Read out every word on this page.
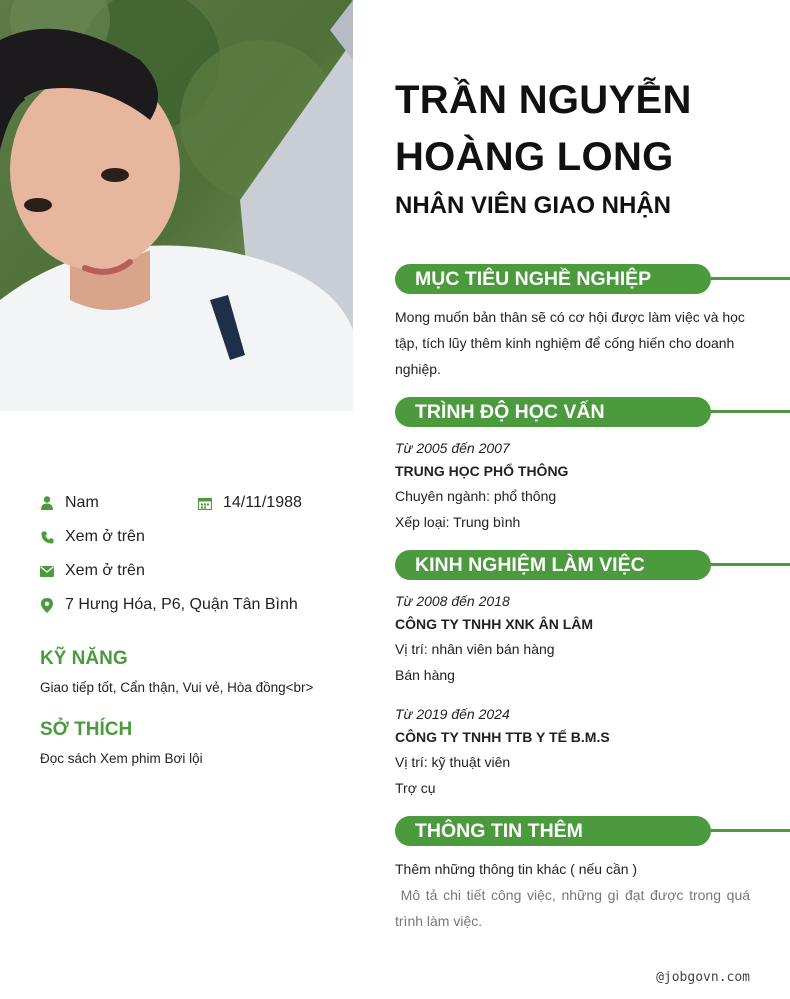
Nam	14/11/1988
Xem ở trên
Xem ở trên
7 Hưng Hóa, P6, Quận Tân Bình
KỸ NĂNG
Giao tiếp tốt, Cẩn thận, Vui vẻ, Hòa đồng<br>
SỞ THÍCH
Đọc sách Xem phim Bơi lội
TRẦN NGUYỄN
HOÀNG LONG
NHÂN VIÊN GIAO NHẬN
MỤC TIÊU NGHỀ NGHIỆP
Mong muốn bản thân sẽ có cơ hội được làm việc và học tập, tích lũy thêm kinh nghiệm để cống hiến cho doanh nghiệp.
TRÌNH ĐỘ HỌC VẤN
Từ 2005 đến 2007
TRUNG HỌC PHỔ THÔNG
Chuyên ngành: phổ thông
Xếp loại: Trung bình
KINH NGHIỆM LÀM VIỆC
Từ 2008 đến 2018
CÔNG TY TNHH XNK ÂN LÂM
Vị trí: nhân viên bán hàng
Bán hàng
Từ 2019 đến 2024
CÔNG TY TNHH TTB Y TẾ B.M.S
Vị trí: kỹ thuật viên
Trợ cụ
THÔNG TIN THÊM
Thêm những thông tin khác ( nếu cần )
Mô tả chi tiết công việc, những gì đạt được trong quá trình làm việc.
@jobgovn.com
